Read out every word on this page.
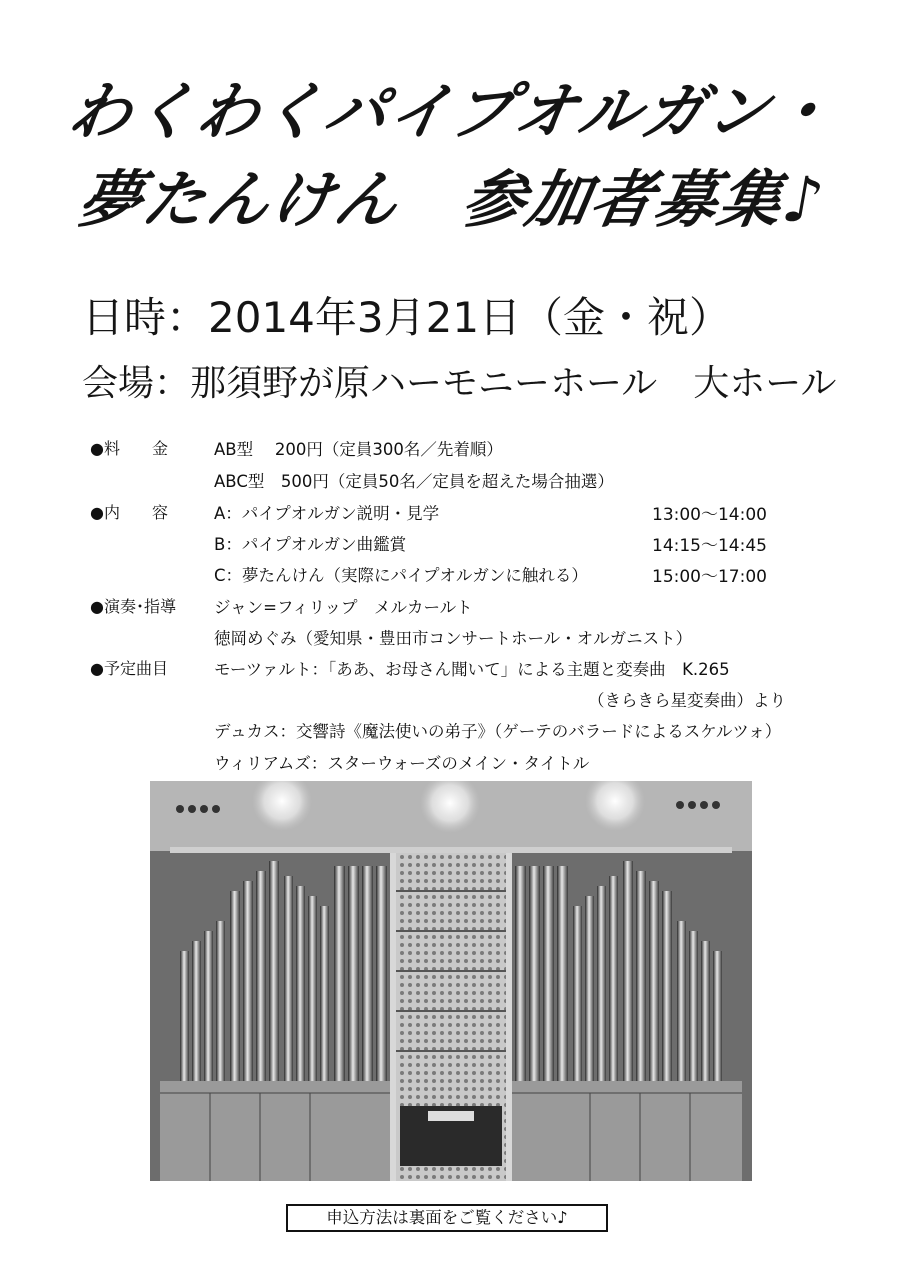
わくわくパイプオルガン・
夢たんけん　参加者募集♪
日時：2014年3月21日（金・祝）
会場：那須野が原ハーモニーホール　大ホール
●料　　金	AB型　 200円（定員300名／先着順）
ABC型　500円（定員50名／定員を超えた場合抽選）
●内　　容	A：パイプオルガン説明・見学	13:00～14:00
B：パイプオルガン曲鑑賞	14:15～14:45
C：夢たんけん（実際にパイプオルガンに触れる）	15:00～17:00
●演奏･指導 ジャン=フィリップ　メルカールト
徳岡めぐみ（愛知県・豊田市コンサートホール・オルガニスト）
●予定曲目	モーツァルト：「ああ、お母さん聞いて」による主題と変奏曲　K.265
（きらきら星変奏曲）より
デュカス：交響詩《魔法使いの弟子》（ゲーテのバラードによるスケルツォ）
ウィリアムズ：スターウォーズのメイン・タイトル
申込方法は裏面をご覧ください♪
